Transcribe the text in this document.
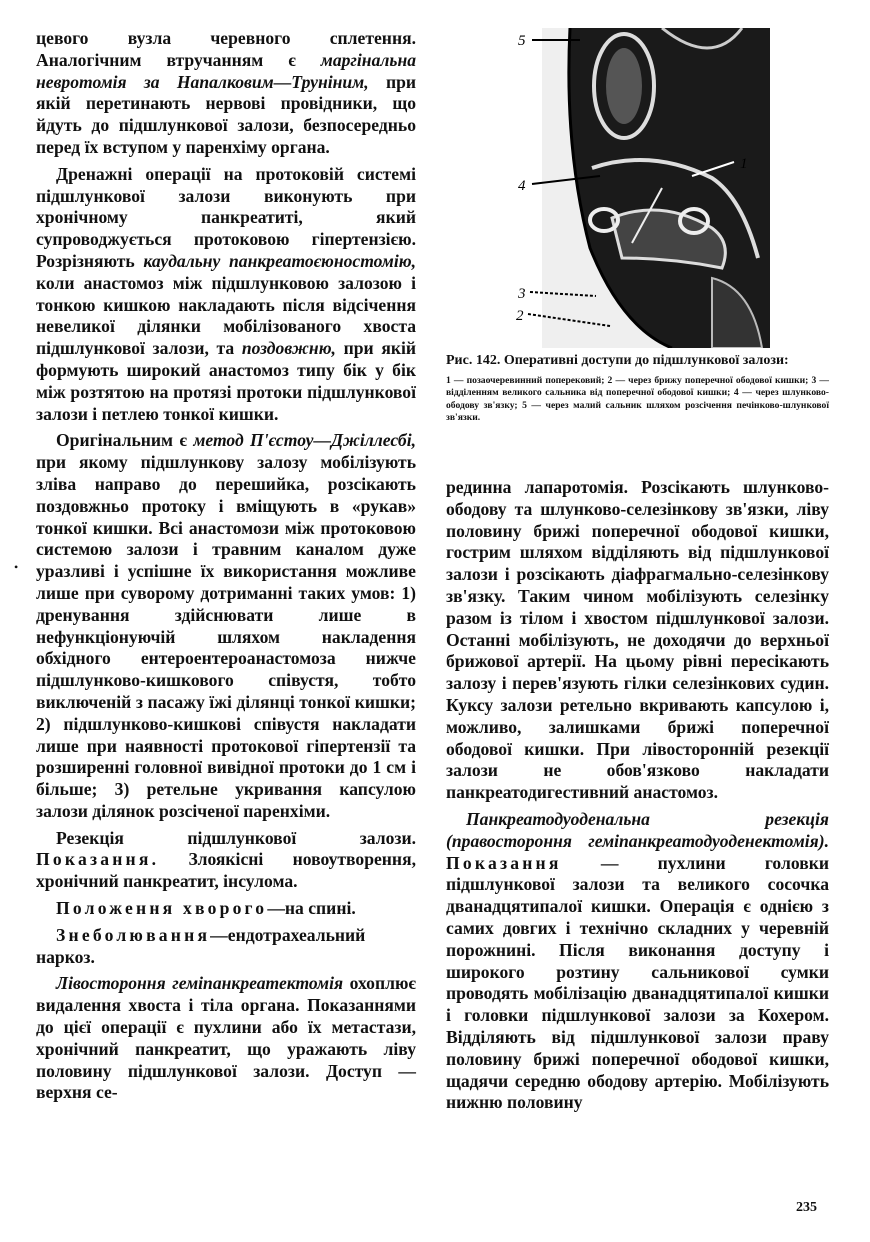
цевого вузла черевного сплетення. Аналогічним втручанням є маргінальна невротомія за Напалковим—Труніним, при якій перетинають нервові провідники, що йдуть до підшлункової залози, безпосередньо перед їх вступом у паренхіму органа.

Дренажні операції на протоковій системі підшлункової залози виконують при хронічному панкреатиті, який супроводжується протоковою гіпертензією. Розрізняють каудальну панкреатоєюностомію, коли анастомоз між підшлунковою залозою і тонкою кишкою накладають після відсічення невеликої ділянки мобілізованого хвоста підшлункової залози, та поздовжню, при якій формують широкий анастомоз типу бік у бік між розтятою на протязі протоки підшлункової залози і петлею тонкої кишки.

Оригінальним є метод П'єстоу—Джіллесбі, при якому підшлункову залозу мобілізують зліва направо до перешийка, розсікають поздовжньо протоку і вміщують в «рукав» тонкої кишки. Всі анастомози між протоковою системою залози і травним каналом дуже уразливі і успішне їх використання можливе лише при суворому дотриманні таких умов: 1) дренування здійснювати лише в нефункціонуючій шляхом накладення обхідного ентероентероанастомоза нижче підшлунково-кишкового співустя, тобто виключеній з пасажу їжі ділянці тонкої кишки; 2) підшлунково-кишкові співустя накладати лише при наявності протокової гіпертензії та розширенні головної вивідної протоки до 1 см і більше; 3) ретельне укривання капсулою залози ділянок розсіченої паренхіми.

Резекція підшлункової залози. Показання. Злоякісні новоутворення, хронічний панкреатит, інсулома.

Положення хворого—на спині.

Знеболювання—ендотрахеальний наркоз.

Лівостороння геміпанкреатектомія охоплює видалення хвоста і тіла органа. Показаннями до цієї операції є пухлини або їх метастази, хронічний панкреатит, що уражають ліву половину підшлункової залози. Доступ — верхня се-

•
5
4
1
3
2

Рис. 142. Оперативні доступи до підшлункової залози:

1 — позаочеревинний поперековий; 2 — через брижу поперечної ободової кишки; 3 — відділенням великого сальника від поперечної ободової кишки; 4 — через шлунково-ободову зв'язку; 5 — через малий сальник шляхом розсічення печінково-шлункової зв'язки.

рединна лапаротомія. Розсікають шлунково-ободову та шлунково-селезінкову зв'язки, ліву половину брижі поперечної ободової кишки, гострим шляхом відділяють від підшлункової залози і розсікають діафрагмально-селезінкову зв'язку. Таким чином мобілізують селезінку разом із тілом і хвостом підшлункової залози. Останні мобілізують, не доходячи до верхньої брижової артерії. На цьому рівні пересікають залозу і перев'язують гілки селезінкових судин. Куксу залози ретельно вкривають капсулою і, можливо, залишками брижі поперечної ободової кишки. При лівосторонній резекції залози не обов'язково накладати панкреатодигестивний анастомоз.

Панкреатодуоденальна резекція (правостороння геміпанкреатодуоденектомія). Показання — пухлини головки підшлункової залози та великого сосочка дванадцятипалої кишки. Операція є однією з самих довгих і технічно складних у черевній порожнині. Після виконання доступу і широкого розтину сальникової сумки проводять мобілізацію дванадцятипалої кишки і головки підшлункової залози за Кохером. Відділяють від підшлункової залози праву половину брижі поперечної ободової кишки, щадячи середню ободову артерію. Мобілізують нижню половину

235
